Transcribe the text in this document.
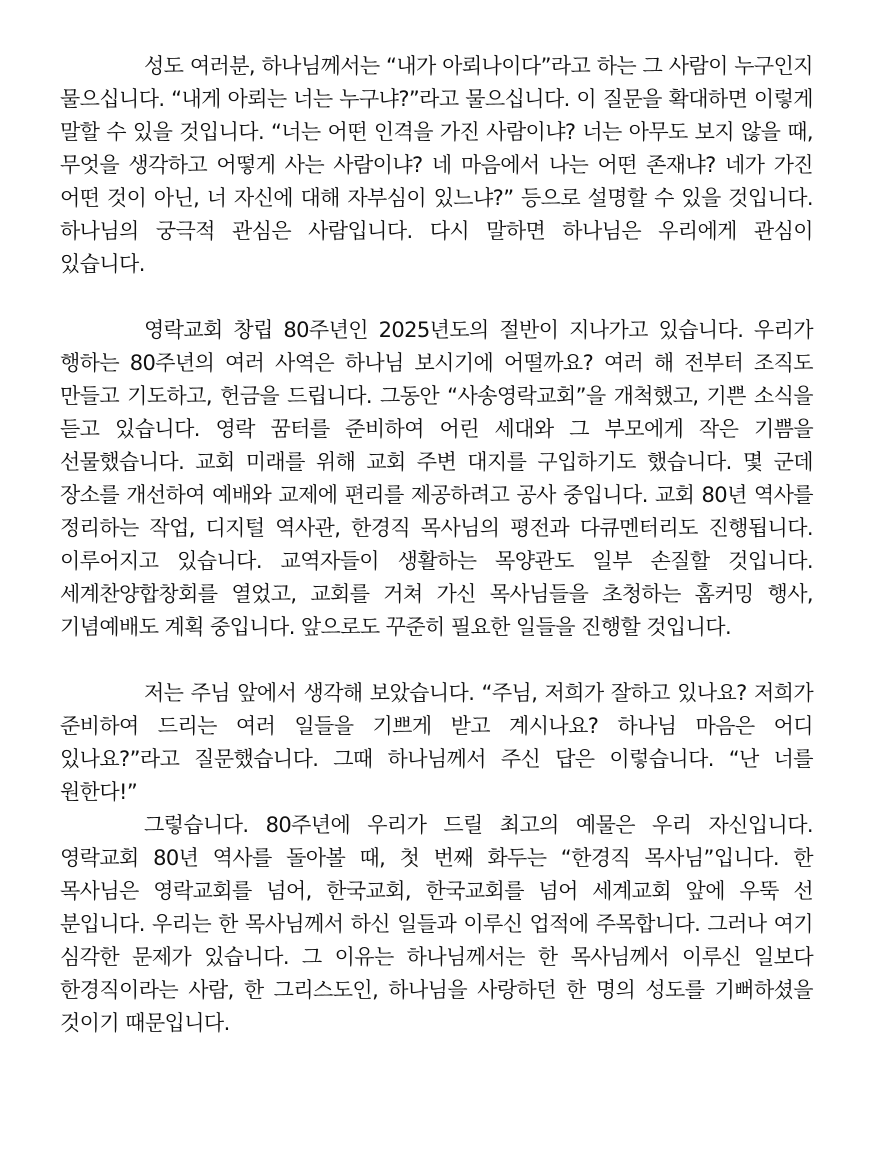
성도 여러분, 하나님께서는 “내가 아뢰나이다”라고 하는 그 사람이 누구인지 물으십니다. “내게 아뢰는 너는 누구냐?”라고 물으십니다. 이 질문을 확대하면 이렇게 말할 수 있을 것입니다. “너는 어떤 인격을 가진 사람이냐? 너는 아무도 보지 않을 때, 무엇을 생각하고 어떻게 사는 사람이냐? 네 마음에서 나는 어떤 존재냐? 네가 가진 어떤 것이 아닌, 너 자신에 대해 자부심이 있느냐?” 등으로 설명할 수 있을 것입니다. 하나님의 궁극적 관심은 사람입니다. 다시 말하면 하나님은 우리에게 관심이 있습니다.

영락교회 창립 80주년인 2025년도의 절반이 지나가고 있습니다. 우리가 행하는 80주년의 여러 사역은 하나님 보시기에 어떨까요? 여러 해 전부터 조직도 만들고 기도하고, 헌금을 드립니다. 그동안 “사송영락교회”을 개척했고, 기쁜 소식을 듣고 있습니다. 영락 꿈터를 준비하여 어린 세대와 그 부모에게 작은 기쁨을 선물했습니다. 교회 미래를 위해 교회 주변 대지를 구입하기도 했습니다. 몇 군데 장소를 개선하여 예배와 교제에 편리를 제공하려고 공사 중입니다. 교회 80년 역사를 정리하는 작업, 디지털 역사관, 한경직 목사님의 평전과 다큐멘터리도 진행됩니다. 이루어지고 있습니다. 교역자들이 생활하는 목양관도 일부 손질할 것입니다. 세계찬양합창회를 열었고, 교회를 거쳐 가신 목사님들을 초청하는 홈커밍 행사, 기념예배도 계획 중입니다. 앞으로도 꾸준히 필요한 일들을 진행할 것입니다.

저는 주님 앞에서 생각해 보았습니다. “주님, 저희가 잘하고 있나요? 저희가 준비하여 드리는 여러 일들을 기쁘게 받고 계시나요? 하나님 마음은 어디 있나요?”라고 질문했습니다. 그때 하나님께서 주신 답은 이렇습니다. “난 너를 원한다!”

그렇습니다. 80주년에 우리가 드릴 최고의 예물은 우리 자신입니다. 영락교회 80년 역사를 돌아볼 때, 첫 번째 화두는 “한경직 목사님”입니다. 한 목사님은 영락교회를 넘어, 한국교회, 한국교회를 넘어 세계교회 앞에 우뚝 선 분입니다. 우리는 한 목사님께서 하신 일들과 이루신 업적에 주목합니다. 그러나 여기 심각한 문제가 있습니다. 그 이유는 하나님께서는 한 목사님께서 이루신 일보다 한경직이라는 사람, 한 그리스도인, 하나님을 사랑하던 한 명의 성도를 기뻐하셨을 것이기 때문입니다.
